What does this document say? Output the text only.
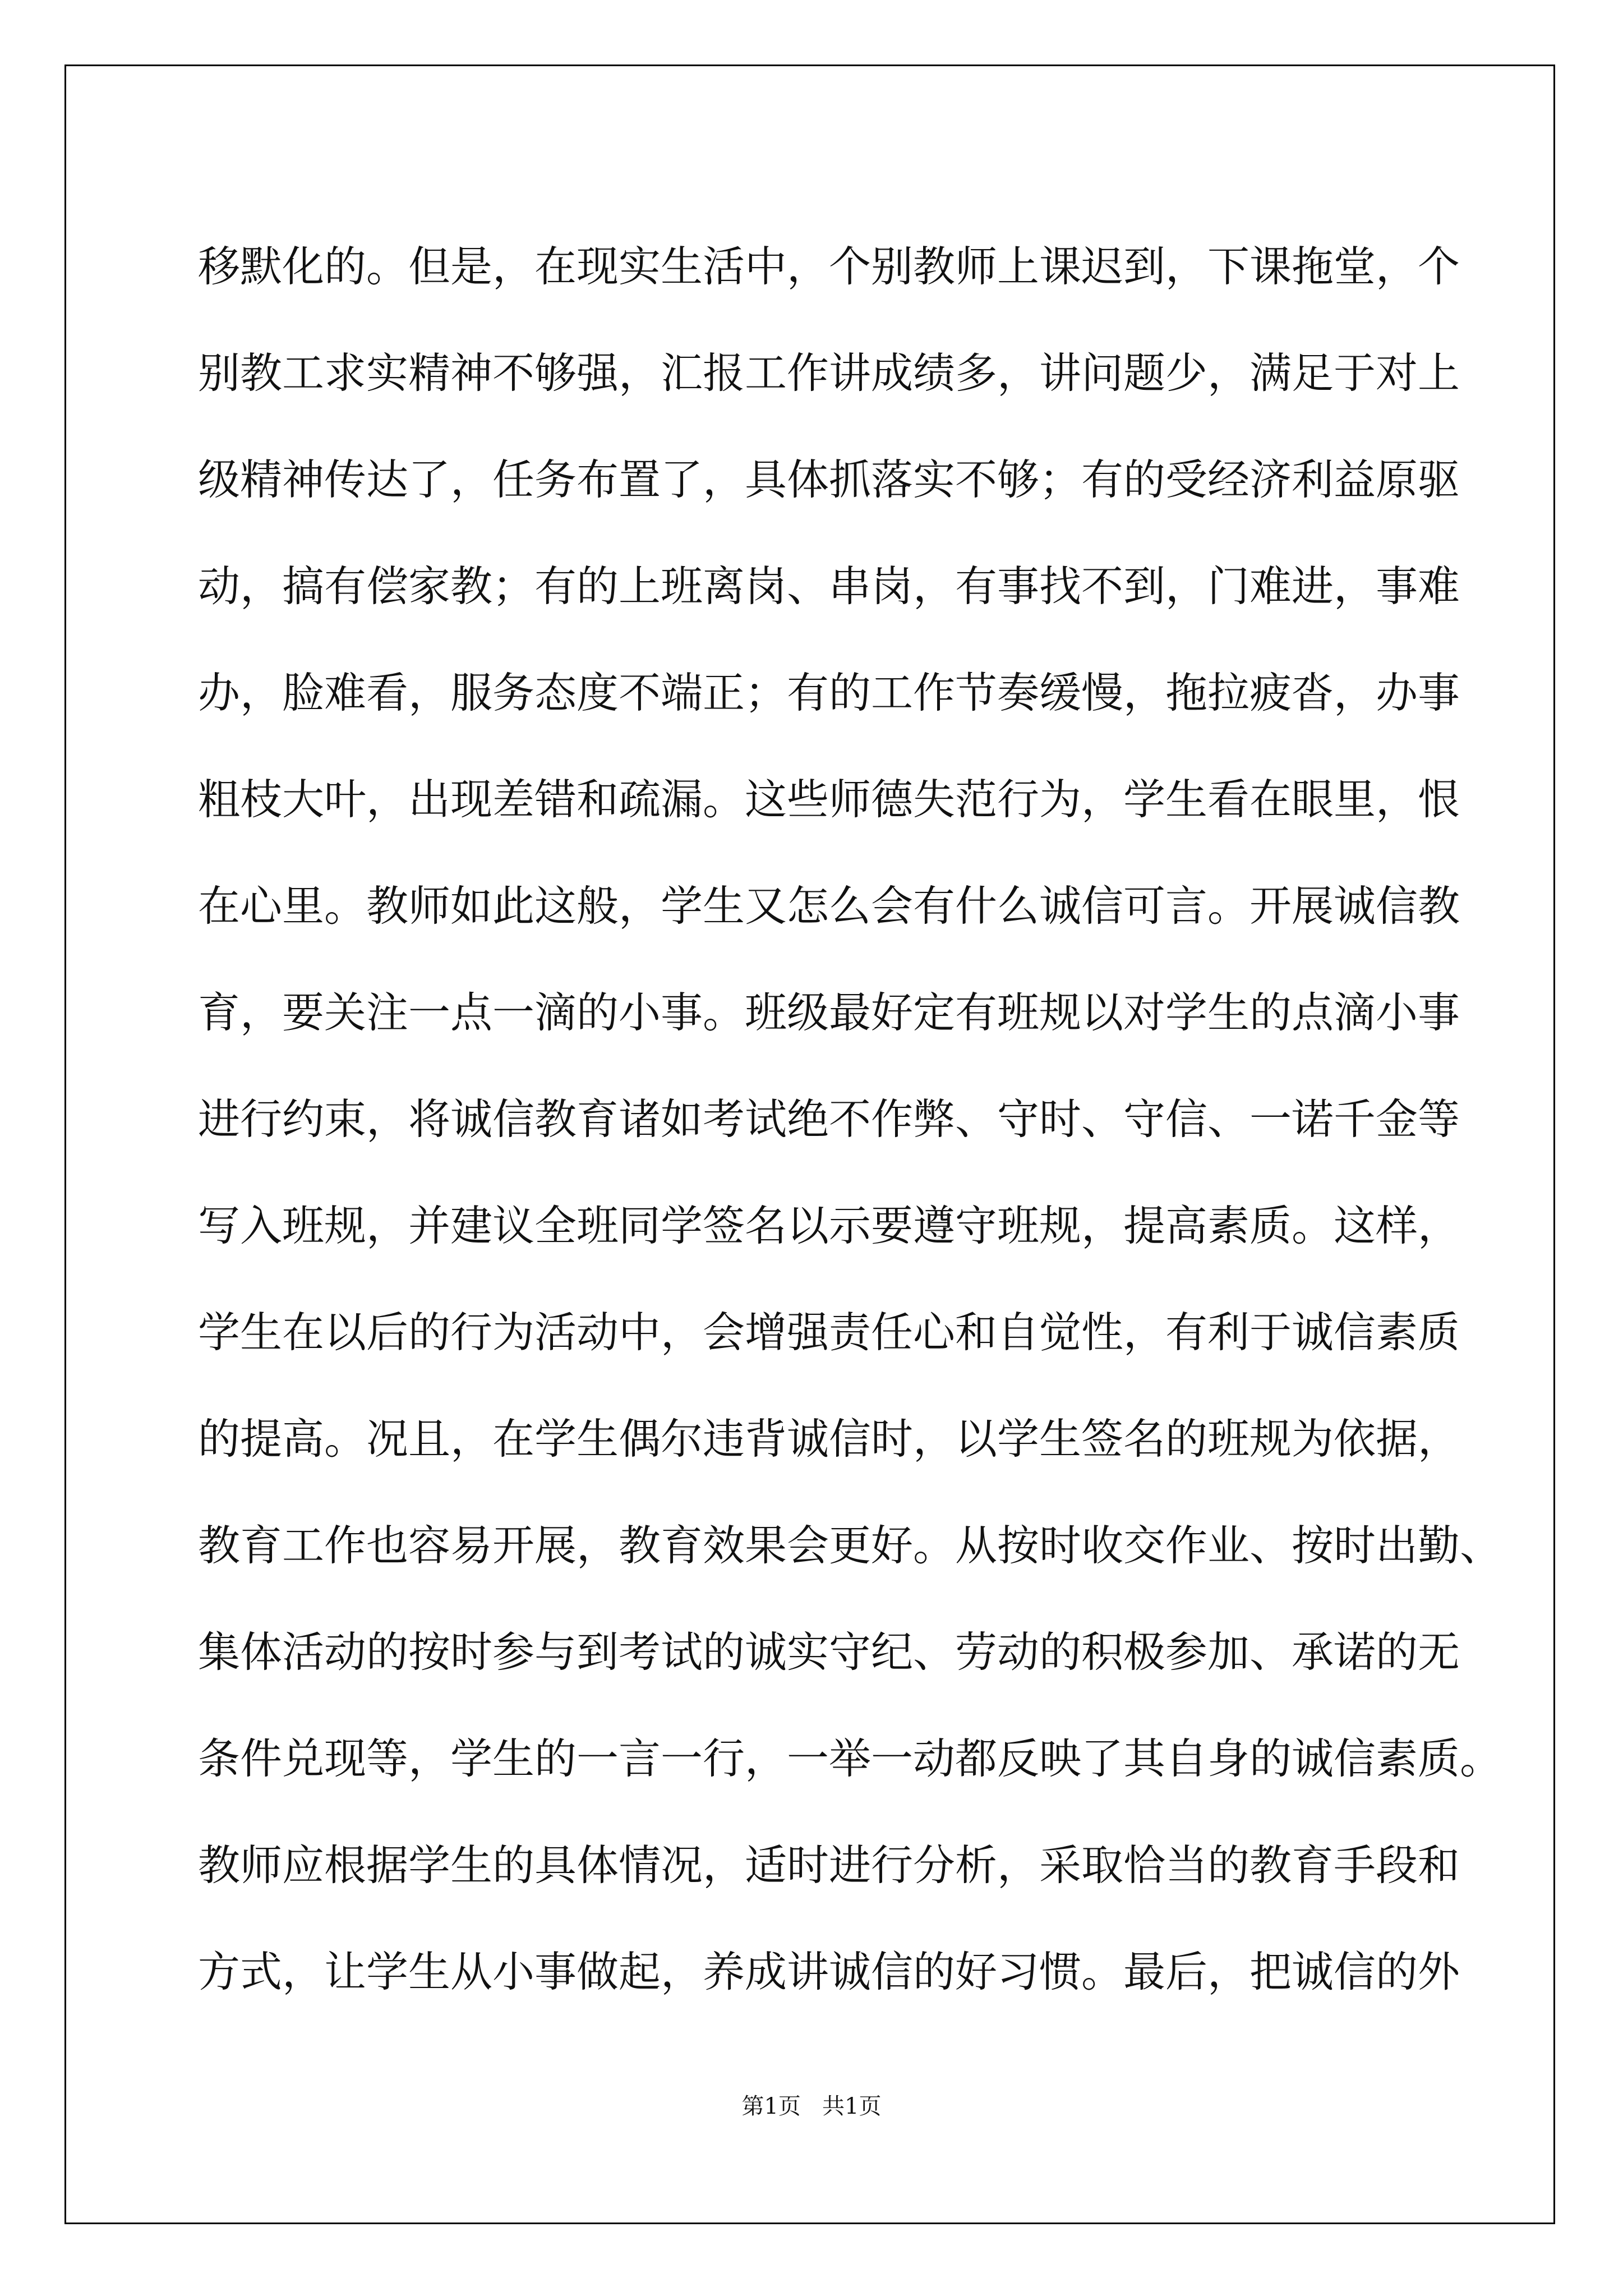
移默化的。但是，在现实生活中，个别教师上课迟到，下课拖堂，个
别教工求实精神不够强，汇报工作讲成绩多，讲问题少，满足于对上
级精神传达了，任务布置了，具体抓落实不够；有的受经济利益原驱
动，搞有偿家教；有的上班离岗、串岗，有事找不到，门难进，事难
办，脸难看，服务态度不端正；有的工作节奏缓慢，拖拉疲沓，办事
粗枝大叶，出现差错和疏漏。这些师德失范行为，学生看在眼里，恨
在心里。教师如此这般，学生又怎么会有什么诚信可言。开展诚信教
育，要关注一点一滴的小事。班级最好定有班规以对学生的点滴小事
进行约束，将诚信教育诸如考试绝不作弊、守时、守信、一诺千金等
写入班规，并建议全班同学签名以示要遵守班规，提高素质。这样，
学生在以后的行为活动中，会增强责任心和自觉性，有利于诚信素质
的提高。况且，在学生偶尔违背诚信时，以学生签名的班规为依据，
教育工作也容易开展，教育效果会更好。从按时收交作业、按时出勤、
集体活动的按时参与到考试的诚实守纪、劳动的积极参加、承诺的无
条件兑现等，学生的一言一行，一举一动都反映了其自身的诚信素质。
教师应根据学生的具体情况，适时进行分析，采取恰当的教育手段和
方式，让学生从小事做起，养成讲诚信的好习惯。最后，把诚信的外
第1页   共1页
